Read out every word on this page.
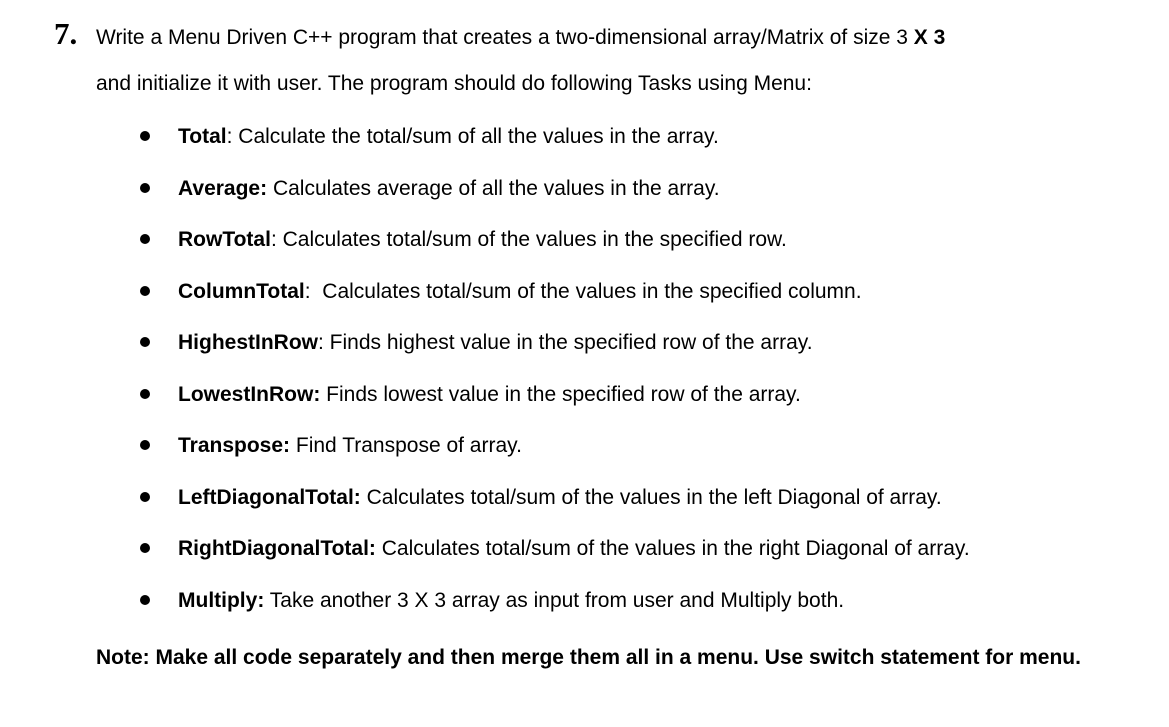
7. Write a Menu Driven C++ program that creates a two-dimensional array/Matrix of size 3 X 3
and initialize it with user. The program should do following Tasks using Menu:
Total: Calculate the total/sum of all the values in the array.
Average: Calculates average of all the values in the array.
RowTotal: Calculates total/sum of the values in the specified row.
ColumnTotal:  Calculates total/sum of the values in the specified column.
HighestInRow: Finds highest value in the specified row of the array.
LowestInRow: Finds lowest value in the specified row of the array.
Transpose: Find Transpose of array.
LeftDiagonalTotal: Calculates total/sum of the values in the left Diagonal of array.
RightDiagonalTotal: Calculates total/sum of the values in the right Diagonal of array.
Multiply: Take another 3 X 3 array as input from user and Multiply both.
Note: Make all code separately and then merge them all in a menu. Use switch statement for menu.
